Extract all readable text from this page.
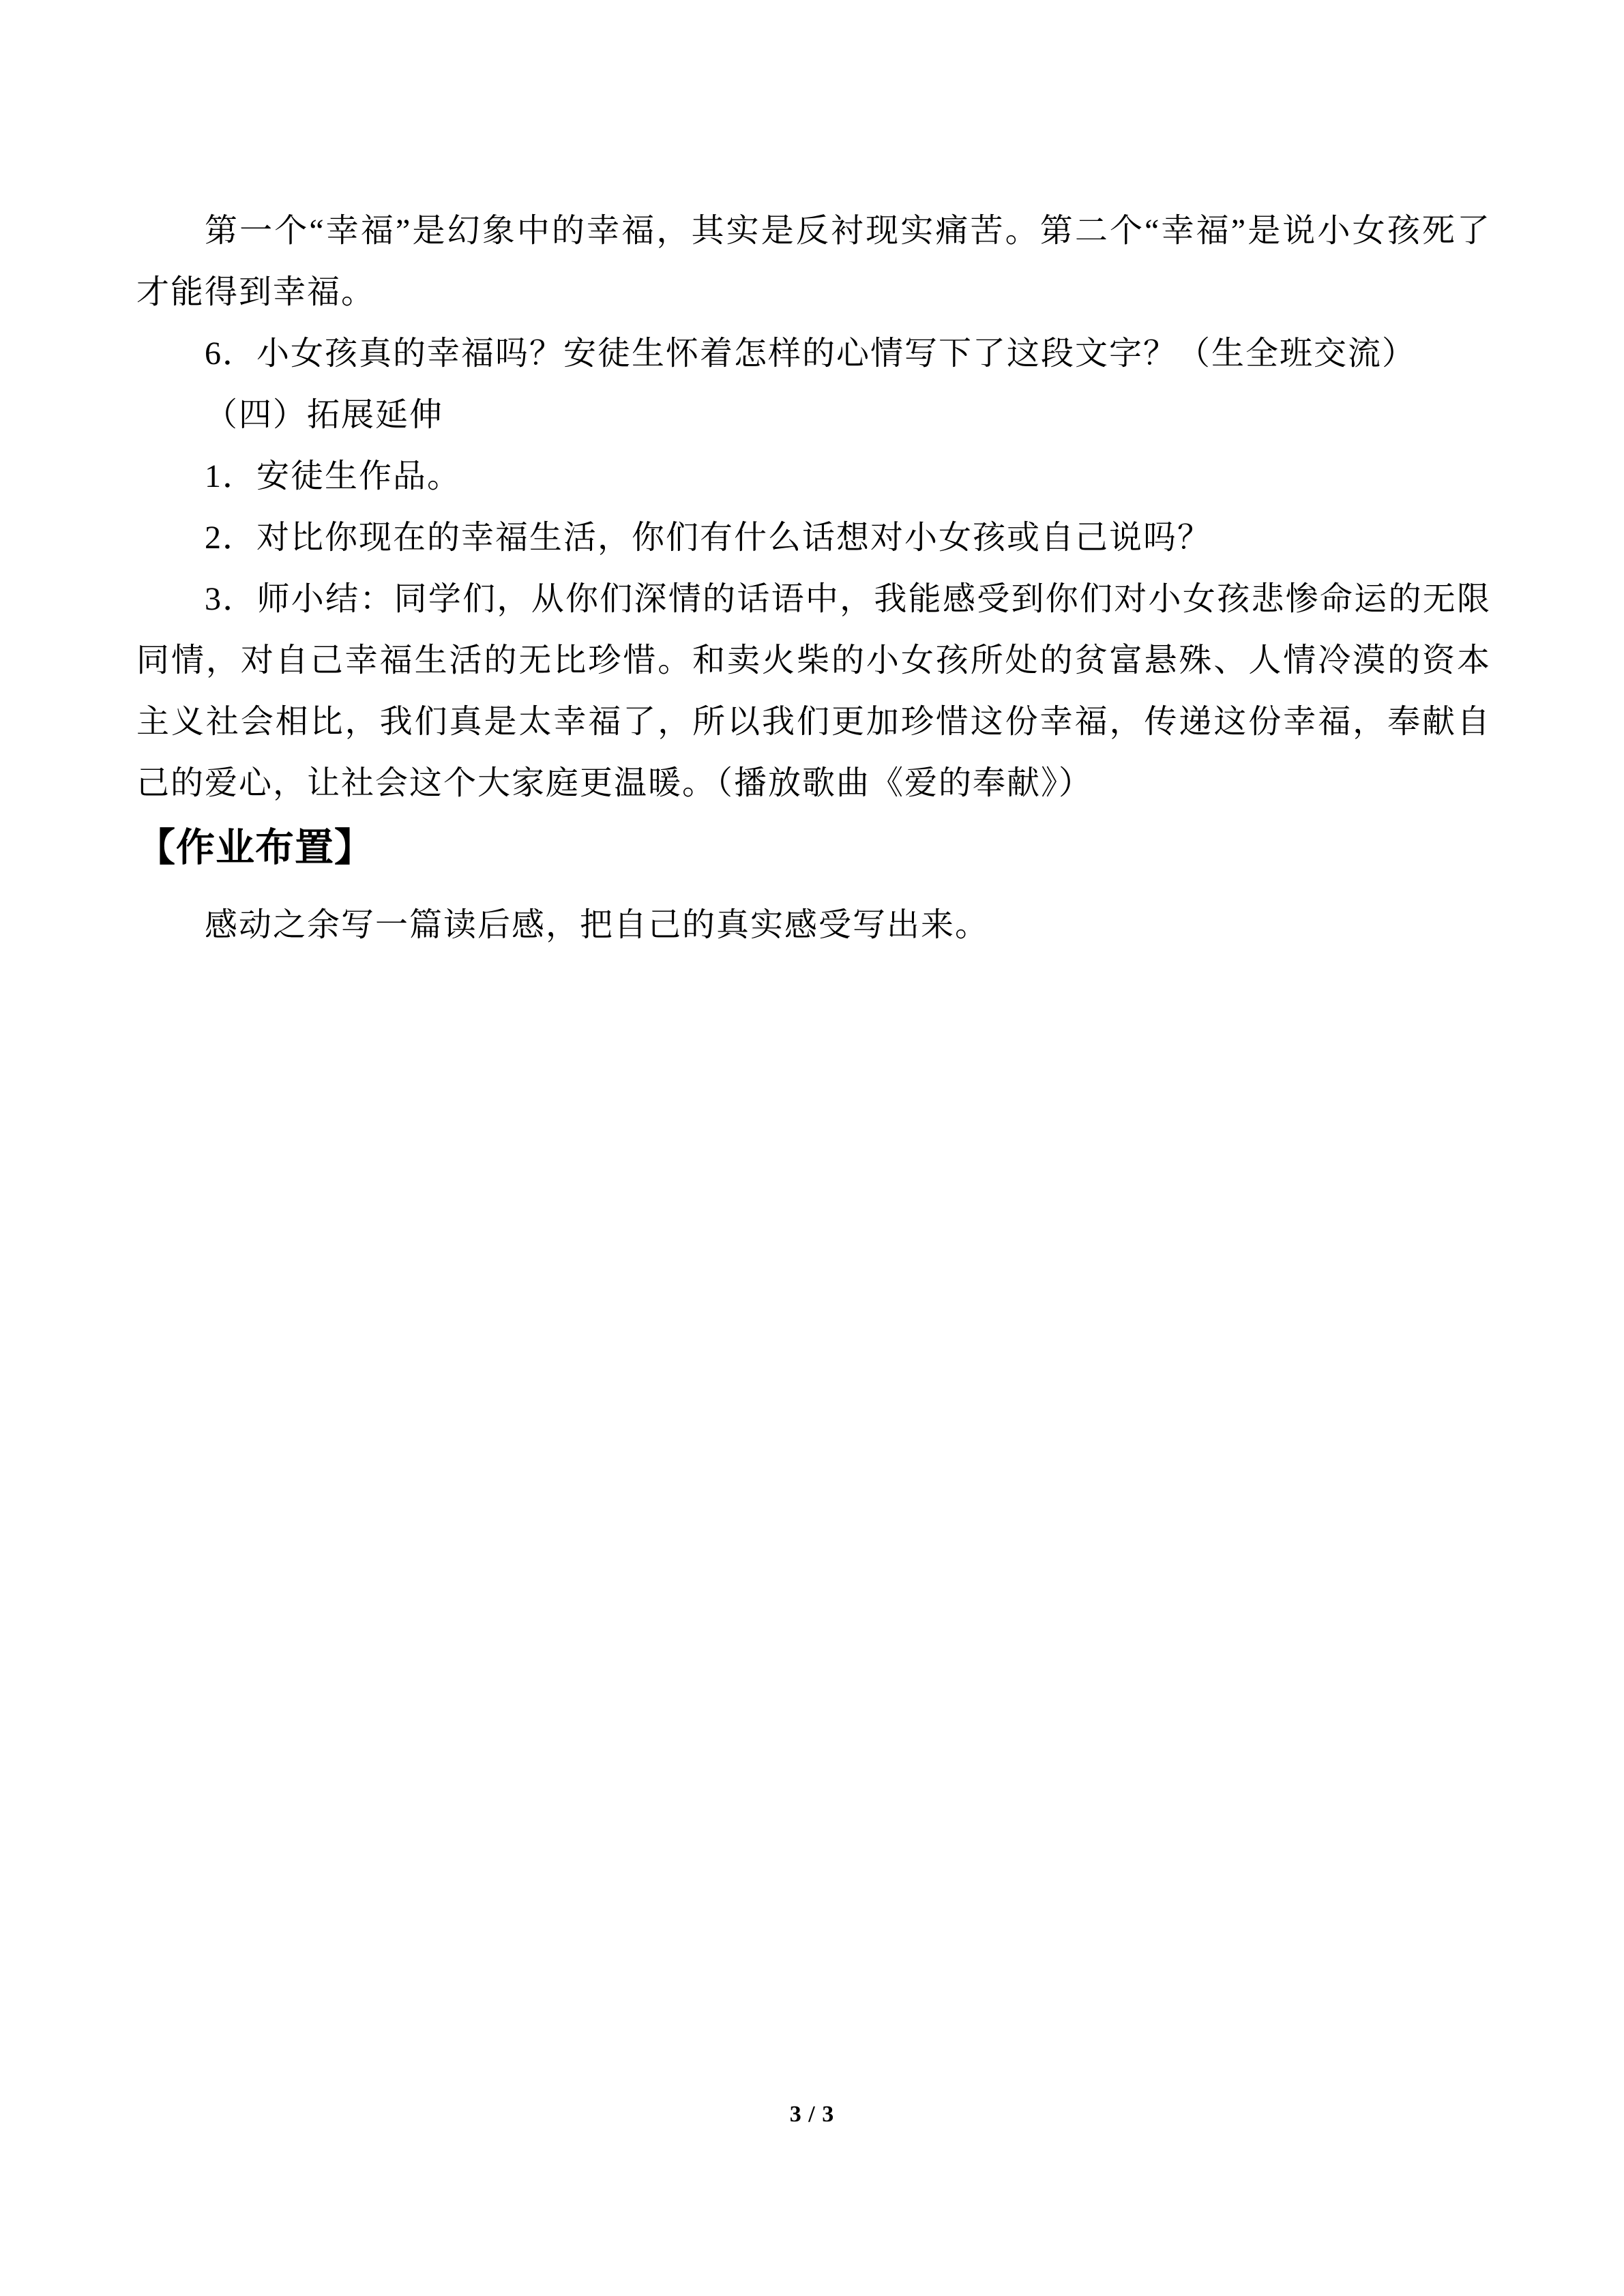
第一个“幸福”是幻象中的幸福，其实是反衬现实痛苦。第二个“幸福”是说小女孩死了才能得到幸福。

6．小女孩真的幸福吗？安徒生怀着怎样的心情写下了这段文字？（生全班交流）

（四）拓展延伸

1．安徒生作品。

2．对比你现在的幸福生活，你们有什么话想对小女孩或自己说吗？

3．师小结：同学们，从你们深情的话语中，我能感受到你们对小女孩悲惨命运的无限同情，对自己幸福生活的无比珍惜。和卖火柴的小女孩所处的贫富悬殊、人情冷漠的资本主义社会相比，我们真是太幸福了，所以我们更加珍惜这份幸福，传递这份幸福，奉献自己的爱心，让社会这个大家庭更温暖。（播放歌曲《爱的奉献》）

【作业布置】

感动之余写一篇读后感，把自己的真实感受写出来。

3 / 3
